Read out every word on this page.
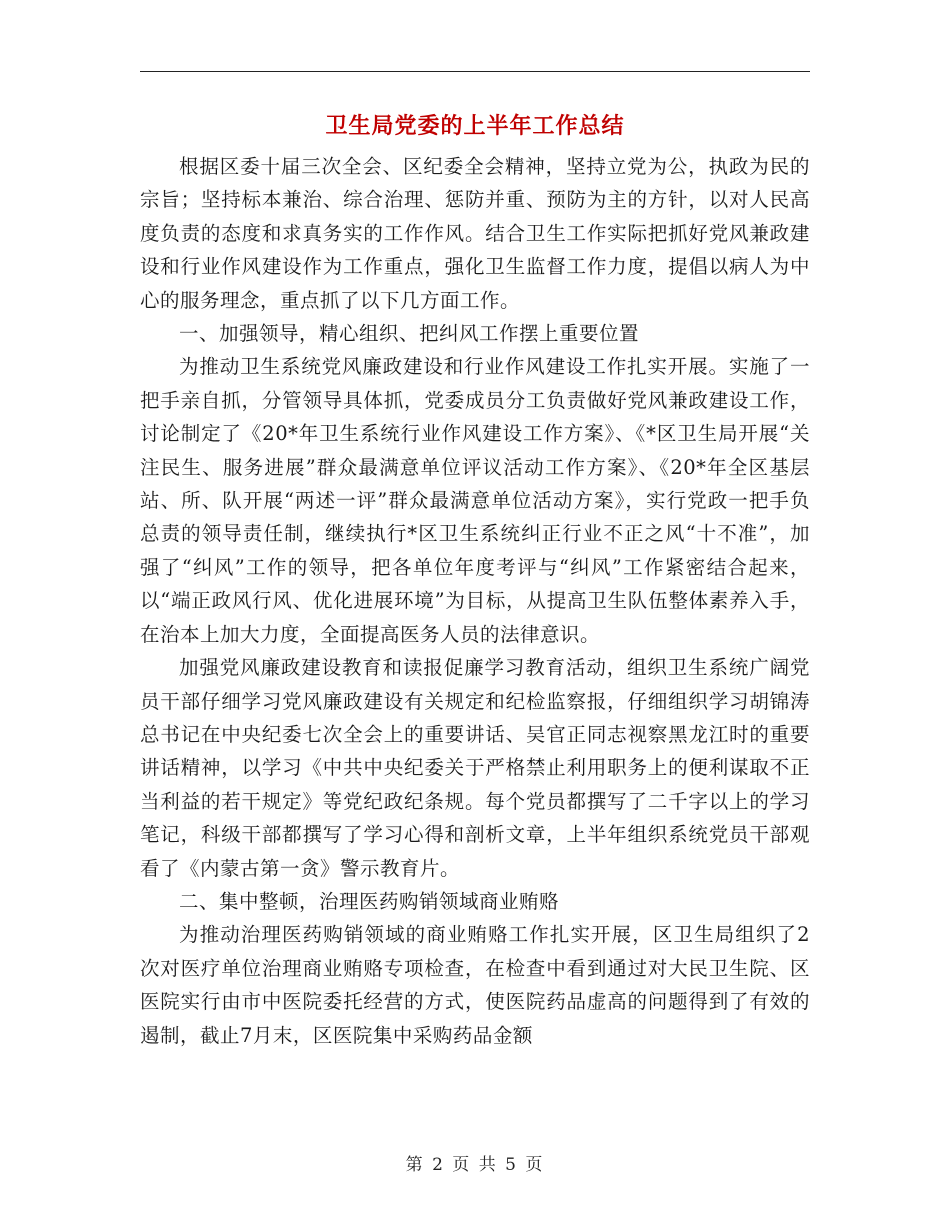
卫生局党委的上半年工作总结

根据区委十届三次全会、区纪委全会精神，坚持立党为公，执政为民的宗旨；坚持标本兼治、综合治理、惩防并重、预防为主的方针，以对人民高度负责的态度和求真务实的工作作风。结合卫生工作实际把抓好党风兼政建设和行业作风建设作为工作重点，强化卫生监督工作力度，提倡以病人为中心的服务理念，重点抓了以下几方面工作。

一、加强领导，精心组织、把纠风工作摆上重要位置

为推动卫生系统党风廉政建设和行业作风建设工作扎实开展。实施了一把手亲自抓，分管领导具体抓，党委成员分工负责做好党风兼政建设工作，讨论制定了《20*年卫生系统行业作风建设工作方案》、《*区卫生局开展“关注民生、服务进展”群众最满意单位评议活动工作方案》、《20*年全区基层站、所、队开展“两述一评”群众最满意单位活动方案》，实行党政一把手负总责的领导责任制，继续执行*区卫生系统纠正行业不正之风“十不准”，加强了“纠风”工作的领导，把各单位年度考评与“纠风”工作紧密结合起来，以“端正政风行风、优化进展环境”为目标，从提高卫生队伍整体素养入手，在治本上加大力度，全面提高医务人员的法律意识。

加强党风廉政建设教育和读报促廉学习教育活动，组织卫生系统广阔党员干部仔细学习党风廉政建设有关规定和纪检监察报，仔细组织学习胡锦涛总书记在中央纪委七次全会上的重要讲话、吴官正同志视察黑龙江时的重要讲话精神，以学习《中共中央纪委关于严格禁止利用职务上的便利谋取不正当利益的若干规定》等党纪政纪条规。每个党员都撰写了二千字以上的学习笔记，科级干部都撰写了学习心得和剖析文章，上半年组织系统党员干部观看了《内蒙古第一贪》警示教育片。

二、集中整顿，治理医药购销领域商业贿赂

为推动治理医药购销领域的商业贿赂工作扎实开展，区卫生局组织了2次对医疗单位治理商业贿赂专项检查，在检查中看到通过对大民卫生院、区医院实行由市中医院委托经营的方式，使医院药品虚高的问题得到了有效的遏制，截止7月末，区医院集中采购药品金额

第 2 页 共 5 页
